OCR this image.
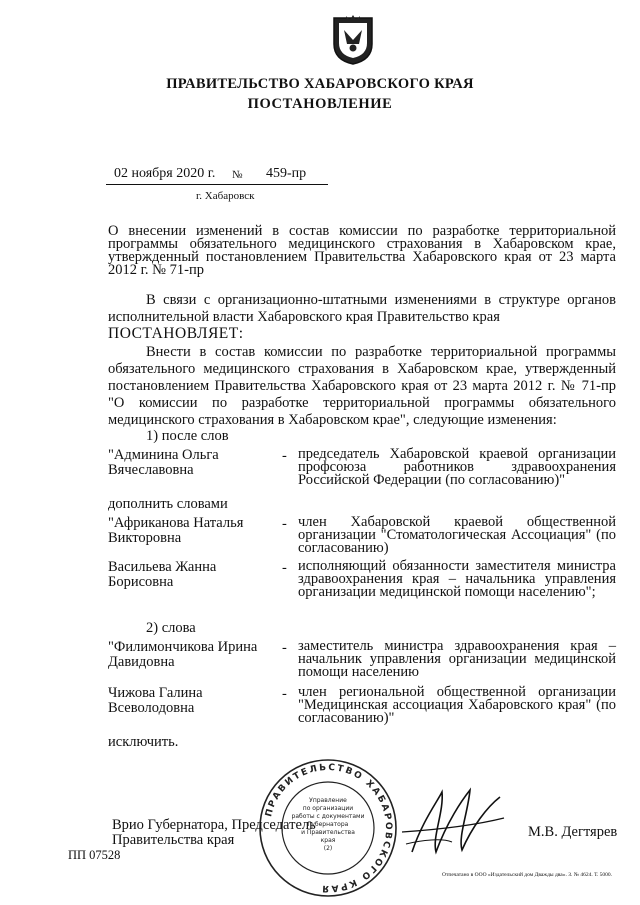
ПРАВИТЕЛЬСТВО ХАБАРОВСКОГО КРАЯ
ПОСТАНОВЛЕНИЕ
02 ноября 2020 г. № 459-пр
г. Хабаровск
О внесении изменений в состав комиссии по разработке территориальной программы обязательного медицинского страхования в Хабаровском крае, утвержденный постановлением Правительства Хабаровского края от 23 марта 2012 г. № 71-пр
В связи с организационно-штатными изменениями в структуре органов исполнительной власти Хабаровского края Правительство края
ПОСТАНОВЛЯЕТ:
Внести в состав комиссии по разработке территориальной программы обязательного медицинского страхования в Хабаровском крае, утвержденный постановлением Правительства Хабаровского края от 23 марта 2012 г. № 71-пр "О комиссии по разработке территориальной программы обязательного медицинского страхования в Хабаровском крае", следующие изменения:
1) после слов
"Админина Ольга Вячеславовна
- председатель Хабаровской краевой организации профсоюза работников здравоохранения Российской Федерации (по согласованию)"
дополнить словами
"Африканова Наталья Викторовна
- член Хабаровской краевой общественной организации "Стоматологическая Ассоциация" (по согласованию)
Васильева Жанна Борисовна
- исполняющий обязанности заместителя министра здравоохранения края – начальника управления организации медицинской помощи населению";
2) слова
"Филимончикова Ирина Давидовна
- заместитель министра здравоохранения края – начальник управления организации медицинской помощи населению
Чижова Галина Всеволодовна
- член региональной общественной организации "Медицинская ассоциация Хабаровского края" (по согласованию)"
исключить.
ПРАВИТЕЛЬСТВО ХАБАРОВСКОГО КРАЯ
Управление
по организации
работы с документами
Губернатора
и Правительства
края
(2)
Врио Губернатора, Председатель
Правительства края	М.В. Дегтярев
ПП 07528
Отпечатано в ООО «Издательский дом Дважды два». З. № 4624. Т. 5000.
